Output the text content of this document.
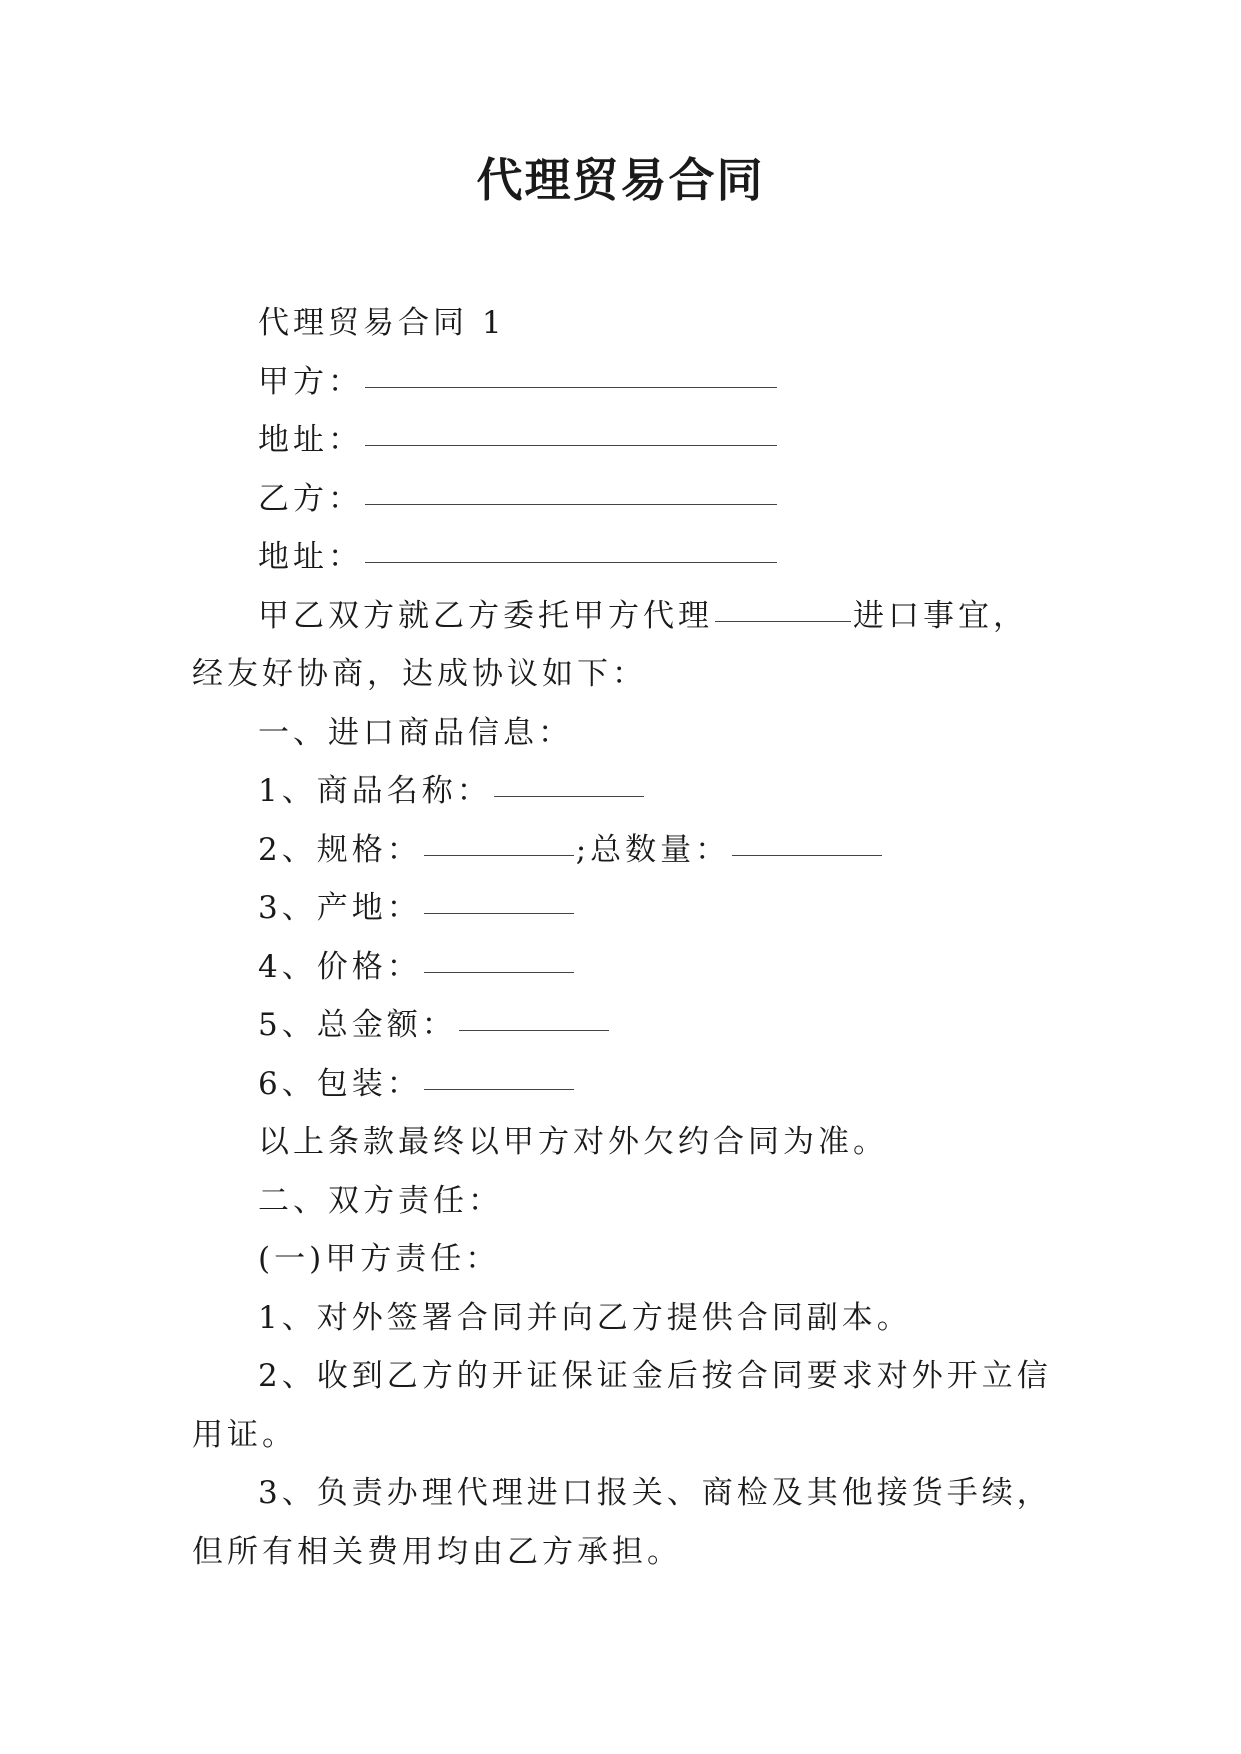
代理贸易合同

代理贸易合同 1

甲方：

地址：

乙方：

地址：

甲乙双方就乙方委托甲方代理	进口事宜，经友好协商，达成协议如下：

一、进口商品信息：

1、商品名称：

2、规格：	;总数量：

3、产地：

4、价格：

5、总金额：

6、包装：

以上条款最终以甲方对外欠约合同为准。

二、双方责任：

(一)甲方责任：

1、对外签署合同并向乙方提供合同副本。

2、收到乙方的开证保证金后按合同要求对外开立信用证。

3、负责办理代理进口报关、商检及其他接货手续，但所有相关费用均由乙方承担。
